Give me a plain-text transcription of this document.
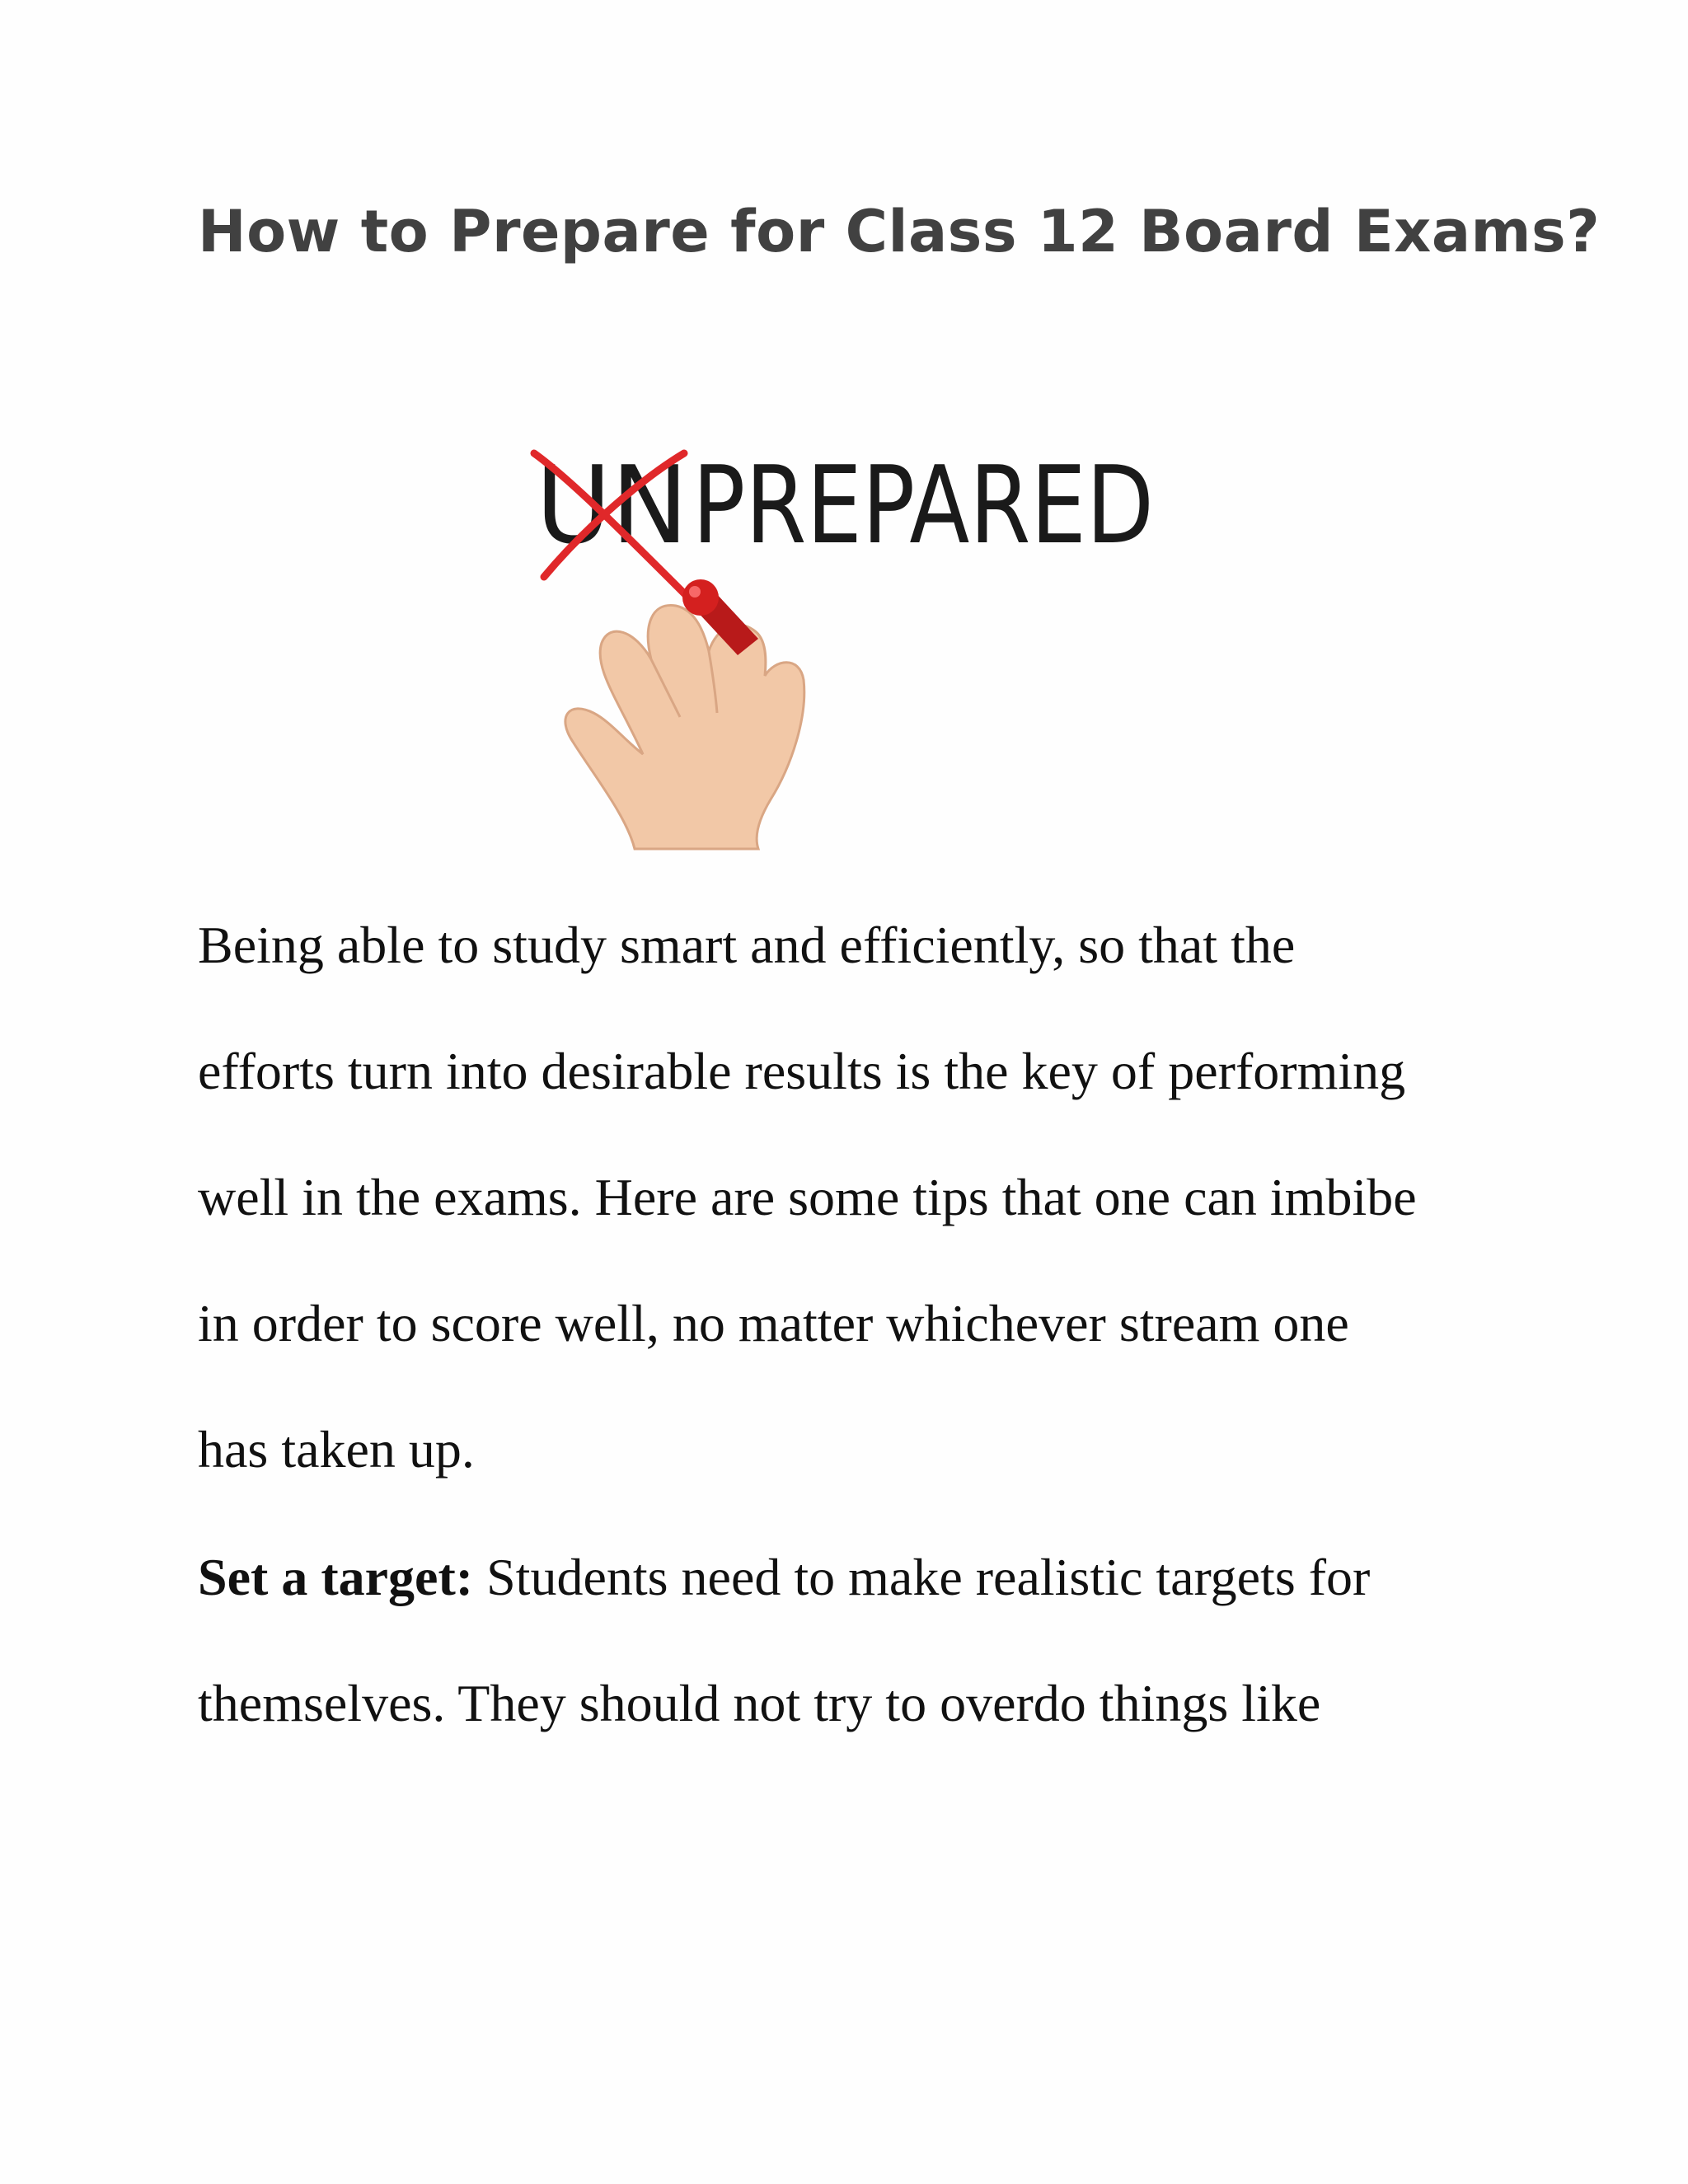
How to Prepare for Class 12 Board Exams?
UN PREPARED
Being able to study smart and efficiently, so that the
efforts turn into desirable results is the key of performing
well in the exams. Here are some tips that one can imbibe
in order to score well, no matter whichever stream one
has taken up.
Set a target: Students need to make realistic targets for
themselves. They should not try to overdo things like
